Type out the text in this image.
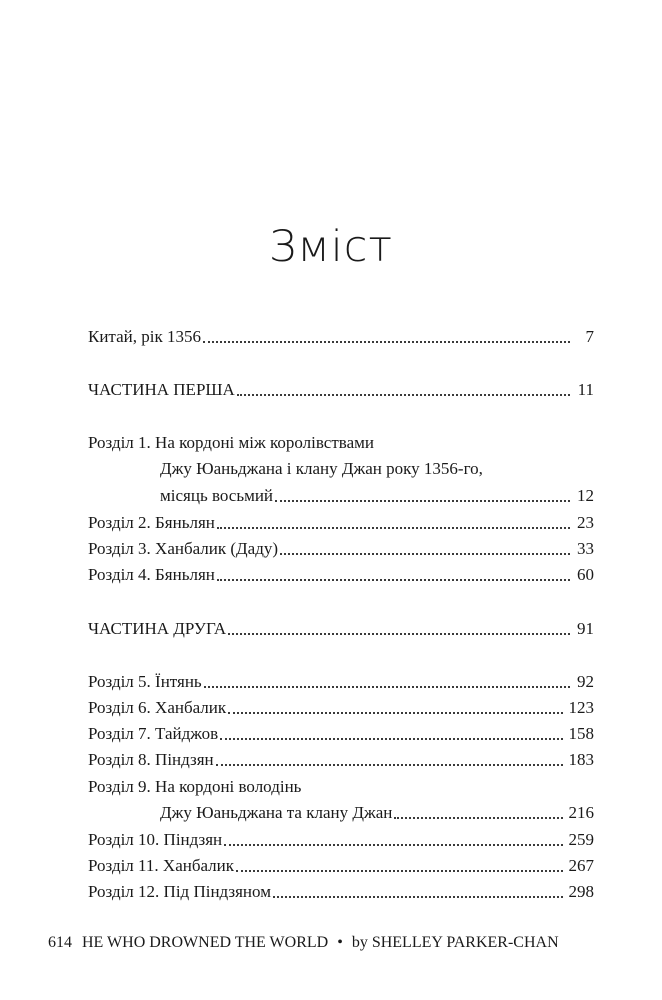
Зміст
Китай, рік 1356	7
ЧАСТИНА ПЕРША	11
Розділ 1. На кордоні між королівствами
Джу Юаньджана і клану Джан року 1356-го,
місяць восьмий	12
Розділ 2. Бяньлян	23
Розділ 3. Ханбалик (Даду)	33
Розділ 4. Бяньлян	60
ЧАСТИНА ДРУГА	91
Розділ 5. Їнтянь	92
Розділ 6. Ханбалик	123
Розділ 7. Тайджов	158
Розділ 8. Піндзян	183
Розділ 9. На кордоні володінь
Джу Юаньджана та клану Джан	216
Розділ 10. Піндзян	259
Розділ 11. Ханбалик	267
Розділ 12. Під Піндзяном	298
614 HE WHO DROWNED THE WORLD • by SHELLEY PARKER-CHAN
